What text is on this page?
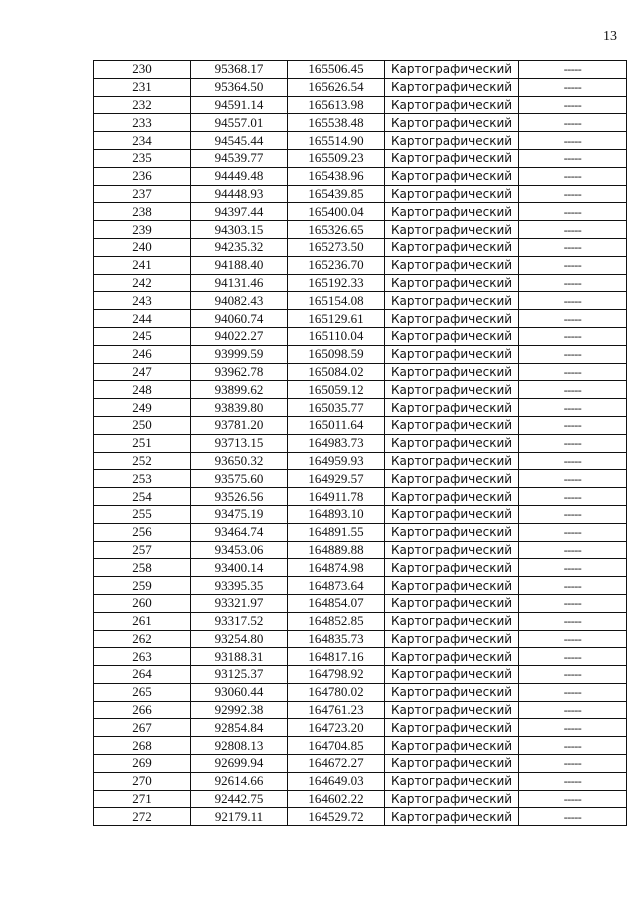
13
230	95368.17	165506.45	Картографический	-----
231	95364.50	165626.54	Картографический	-----
232	94591.14	165613.98	Картографический	-----
233	94557.01	165538.48	Картографический	-----
234	94545.44	165514.90	Картографический	-----
235	94539.77	165509.23	Картографический	-----
236	94449.48	165438.96	Картографический	-----
237	94448.93	165439.85	Картографический	-----
238	94397.44	165400.04	Картографический	-----
239	94303.15	165326.65	Картографический	-----
240	94235.32	165273.50	Картографический	-----
241	94188.40	165236.70	Картографический	-----
242	94131.46	165192.33	Картографический	-----
243	94082.43	165154.08	Картографический	-----
244	94060.74	165129.61	Картографический	-----
245	94022.27	165110.04	Картографический	-----
246	93999.59	165098.59	Картографический	-----
247	93962.78	165084.02	Картографический	-----
248	93899.62	165059.12	Картографический	-----
249	93839.80	165035.77	Картографический	-----
250	93781.20	165011.64	Картографический	-----
251	93713.15	164983.73	Картографический	-----
252	93650.32	164959.93	Картографический	-----
253	93575.60	164929.57	Картографический	-----
254	93526.56	164911.78	Картографический	-----
255	93475.19	164893.10	Картографический	-----
256	93464.74	164891.55	Картографический	-----
257	93453.06	164889.88	Картографический	-----
258	93400.14	164874.98	Картографический	-----
259	93395.35	164873.64	Картографический	-----
260	93321.97	164854.07	Картографический	-----
261	93317.52	164852.85	Картографический	-----
262	93254.80	164835.73	Картографический	-----
263	93188.31	164817.16	Картографический	-----
264	93125.37	164798.92	Картографический	-----
265	93060.44	164780.02	Картографический	-----
266	92992.38	164761.23	Картографический	-----
267	92854.84	164723.20	Картографический	-----
268	92808.13	164704.85	Картографический	-----
269	92699.94	164672.27	Картографический	-----
270	92614.66	164649.03	Картографический	-----
271	92442.75	164602.22	Картографический	-----
272	92179.11	164529.72	Картографический	-----
